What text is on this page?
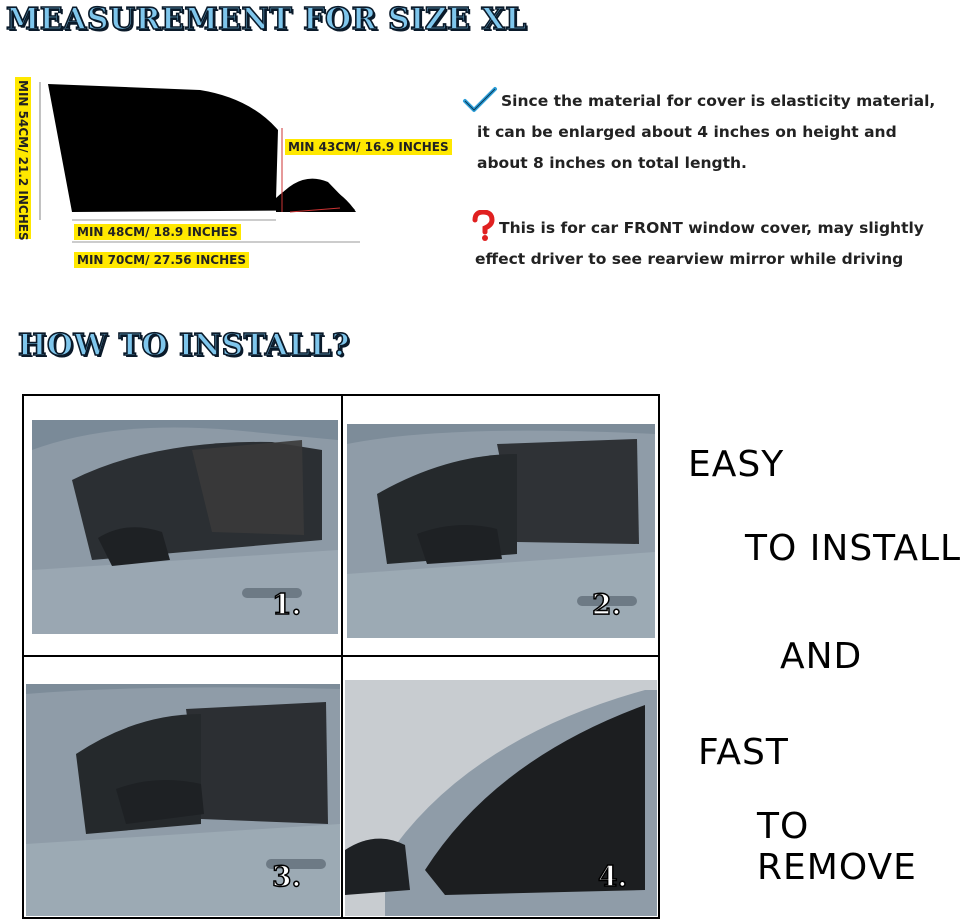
MEASUREMENT FOR SIZE XL
HOW TO INSTALL?
MIN 54CM/ 21.2 INCHES	MIN 43CM/ 16.9 INCHES
MIN 48CM/ 18.9 INCHES
MIN 70CM/ 27.56 INCHES
Since the material for cover is elasticity material, it can be enlarged about 4 inches on height and about 8 inches on total length.
This is for car FRONT window cover, may slightly effect driver to see rearview mirror while driving
1.	2.
3.	4.
EASY
TO INSTALL
AND
FAST
TO REMOVE
